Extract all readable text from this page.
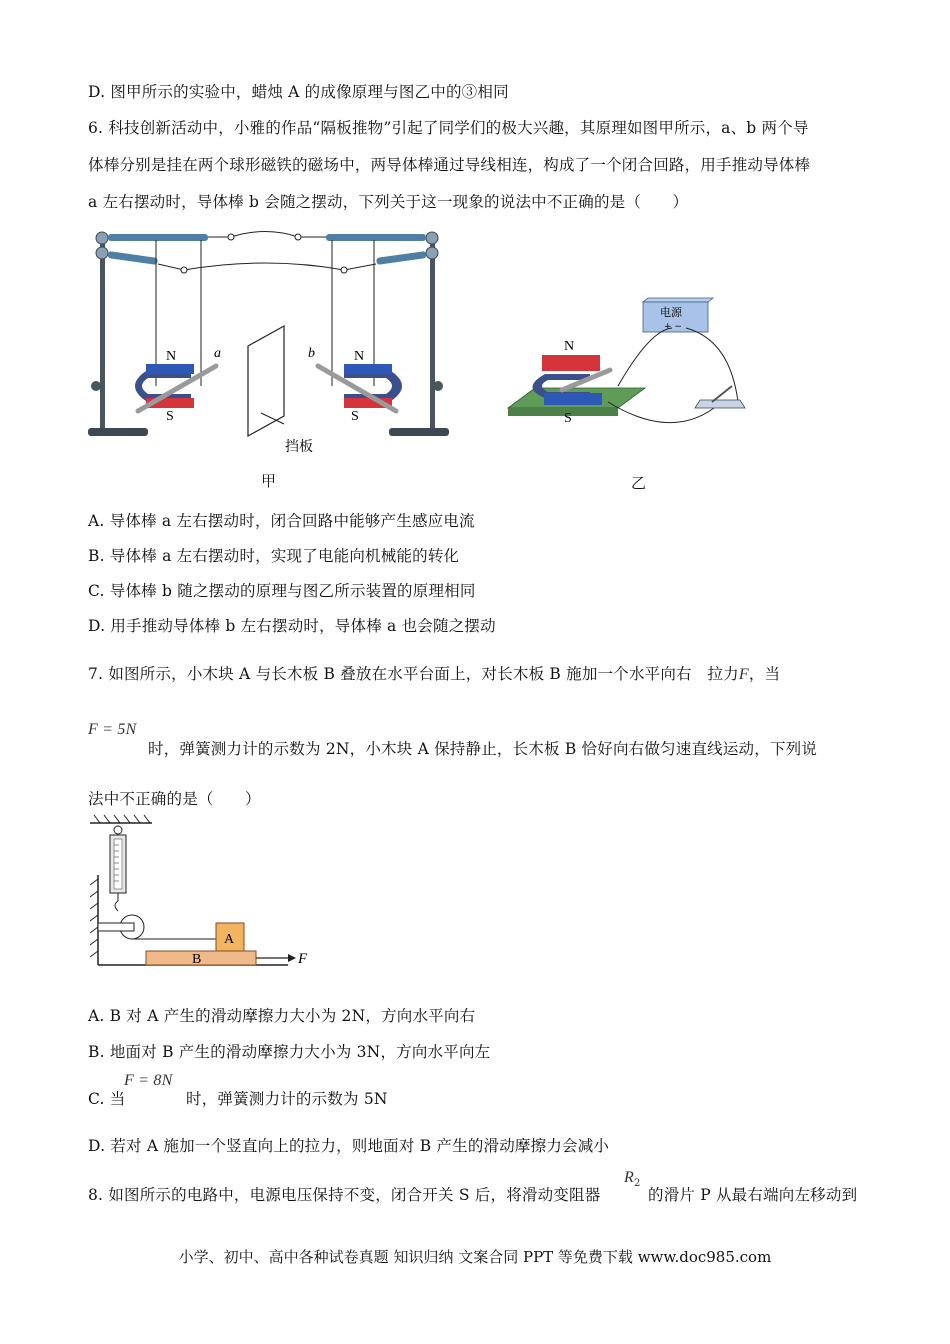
D. 图甲所示的实验中，蜡烛 A 的成像原理与图乙中的③相同
6. 科技创新活动中，小雅的作品“隔板推物”引起了同学们的极大兴趣，其原理如图甲所示，a、b 两个导
体棒分别是挂在两个球形磁铁的磁场中，两导体棒通过导线相连，构成了一个闭合回路，用手推动导体棒
a 左右摆动时，导体棒 b 会随之摆动，下列关于这一现象的说法中不正确的是（　　）
N
S
a	b	N
S
挡板
电源
+ −
N
S
甲	乙
A. 导体棒 a 左右摆动时，闭合回路中能够产生感应电流
B. 导体棒 a 左右摆动时，实现了电能向机械能的转化
C. 导体棒 b 随之摆动的原理与图乙所示装置的原理相同
D. 用手推动导体棒 b 左右摆动时，导体棒 a 也会随之摆动
7. 如图所示，小木块 A 与长木板 B 叠放在水平台面上，对长木板 B 施加一个水平向右　拉力F，当
F = 5N
时，弹簧测力计的示数为 2N，小木块 A 保持静止，长木板 B 恰好向右做匀速直线运动，下列说
法中不正确的是（　　）
A
B	F
A. B 对 A 产生的滑动摩擦力大小为 2N，方向水平向右
B. 地面对 B 产生的滑动摩擦力大小为 3N，方向水平向左
C. 当
F = 8N
时，弹簧测力计的示数为 5N
D. 若对 A 施加一个竖直向上的拉力，则地面对 B 产生的滑动摩擦力会减小
8. 如图所示的电路中，电源电压保持不变，闭合开关 S 后，将滑动变阻器
$R_2$
的滑片 P 从最右端向左移动到
小学、初中、高中各种试卷真题 知识归纳 文案合同 PPT 等免费下载 www.doc985.com
